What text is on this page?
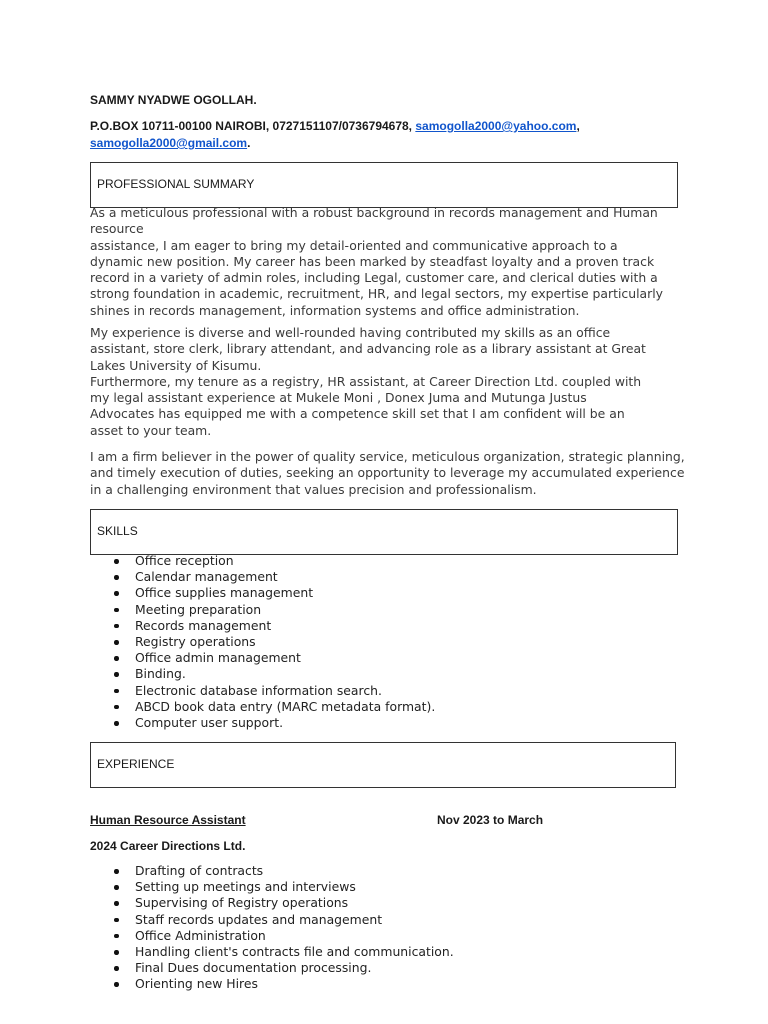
SAMMY NYADWE OGOLLAH.
P.O.BOX 10711-00100 NAIROBI, 0727151107/0736794678, samogolla2000@yahoo.com,
samogolla2000@gmail.com.
PROFESSIONAL SUMMARY
As a meticulous professional with a robust background in records management and Human
resource
assistance, I am eager to bring my detail-oriented and communicative approach to a
dynamic new position. My career has been marked by steadfast loyalty and a proven track
record in a variety of admin roles, including Legal, customer care, and clerical duties with a
strong foundation in academic, recruitment, HR, and legal sectors, my expertise particularly
shines in records management, information systems and office administration.
My experience is diverse and well-rounded having contributed my skills as an office
assistant, store clerk, library attendant, and advancing role as a library assistant at Great
Lakes University of Kisumu.
Furthermore, my tenure as a registry, HR assistant, at Career Direction Ltd. coupled with
my legal assistant experience at Mukele Moni , Donex Juma and Mutunga Justus
Advocates has equipped me with a competence skill set that I am confident will be an
asset to your team.
I am a firm believer in the power of quality service, meticulous organization, strategic planning,
and timely execution of duties, seeking an opportunity to leverage my accumulated experience
in a challenging environment that values precision and professionalism.
SKILLS
Office reception
Calendar management
Office supplies management
Meeting preparation
Records management
Registry operations
Office admin management
Binding.
Electronic database information search.
ABCD book data entry (MARC metadata format).
Computer user support.
EXPERIENCE
Human Resource Assistant	Nov 2023 to March
2024 Career Directions Ltd.
Drafting of contracts
Setting up meetings and interviews
Supervising of Registry operations
Staff records updates and management
Office Administration
Handling client's contracts file and communication.
Final Dues documentation processing.
Orienting new Hires
